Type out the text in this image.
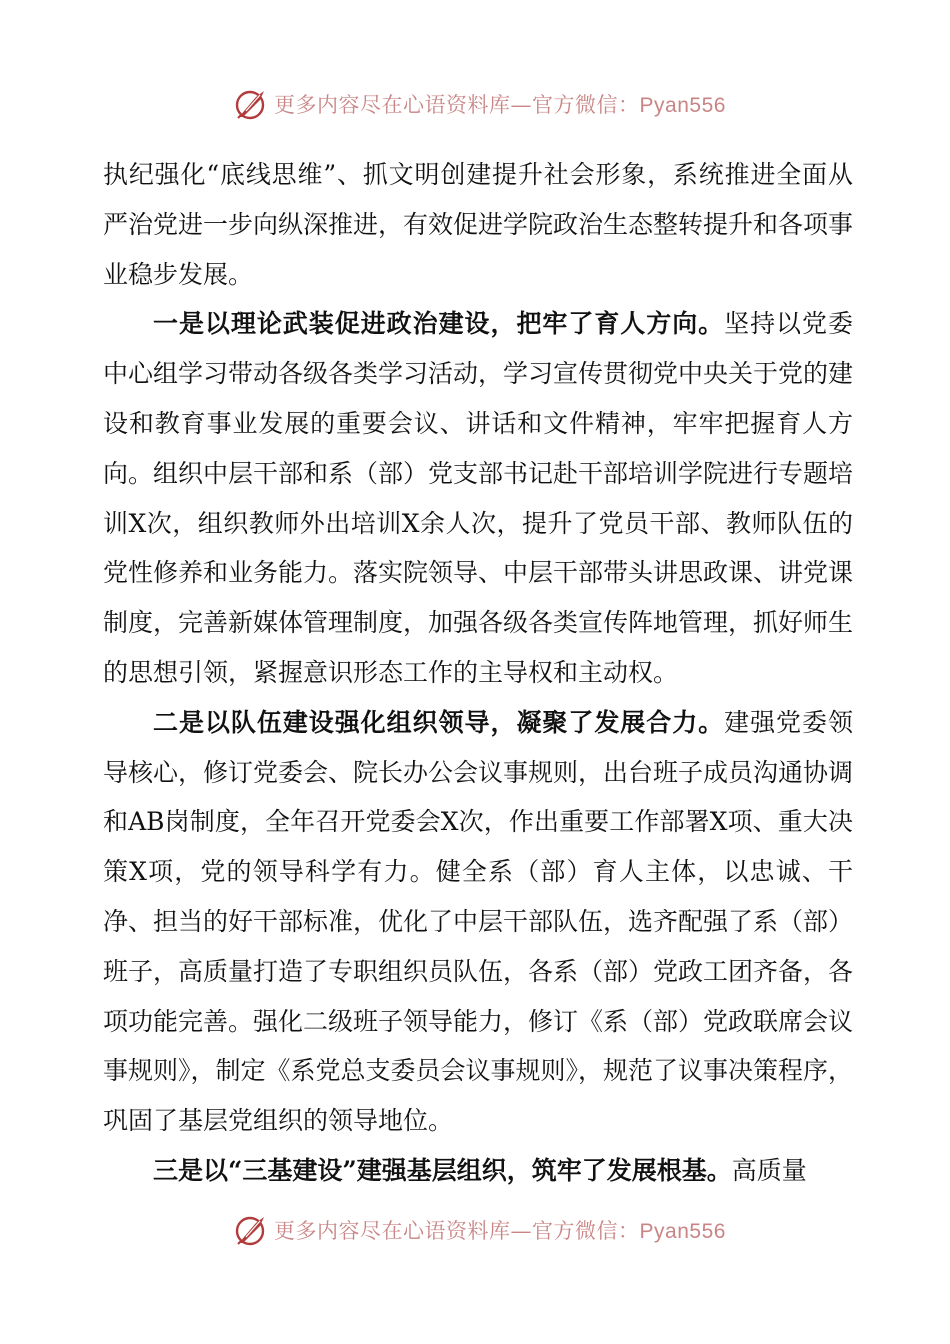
更多内容尽在心语资料库—官方微信：Pyan556

执纪强化“底线思维”、抓文明创建提升社会形象，系统推进全面从严治党进一步向纵深推进，有效促进学院政治生态整转提升和各项事业稳步发展。

一是以理论武装促进政治建设，把牢了育人方向。坚持以党委中心组学习带动各级各类学习活动，学习宣传贯彻党中央关于党的建设和教育事业发展的重要会议、讲话和文件精神，牢牢把握育人方向。组织中层干部和系（部）党支部书记赴干部培训学院进行专题培训X次，组织教师外出培训X余人次，提升了党员干部、教师队伍的党性修养和业务能力。落实院领导、中层干部带头讲思政课、讲党课制度，完善新媒体管理制度，加强各级各类宣传阵地管理，抓好师生的思想引领，紧握意识形态工作的主导权和主动权。

二是以队伍建设强化组织领导，凝聚了发展合力。建强党委领导核心，修订党委会、院长办公会议事规则，出台班子成员沟通协调和AB岗制度，全年召开党委会X次，作出重要工作部署X项、重大决策X项，党的领导科学有力。健全系（部）育人主体，以忠诚、干净、担当的好干部标准，优化了中层干部队伍，选齐配强了系（部）班子，高质量打造了专职组织员队伍，各系（部）党政工团齐备，各项功能完善。强化二级班子领导能力，修订《系（部）党政联席会议事规则》，制定《系党总支委员会议事规则》，规范了议事决策程序，巩固了基层党组织的领导地位。

三是以“三基建设”建强基层组织，筑牢了发展根基。高质量

更多内容尽在心语资料库—官方微信：Pyan556
